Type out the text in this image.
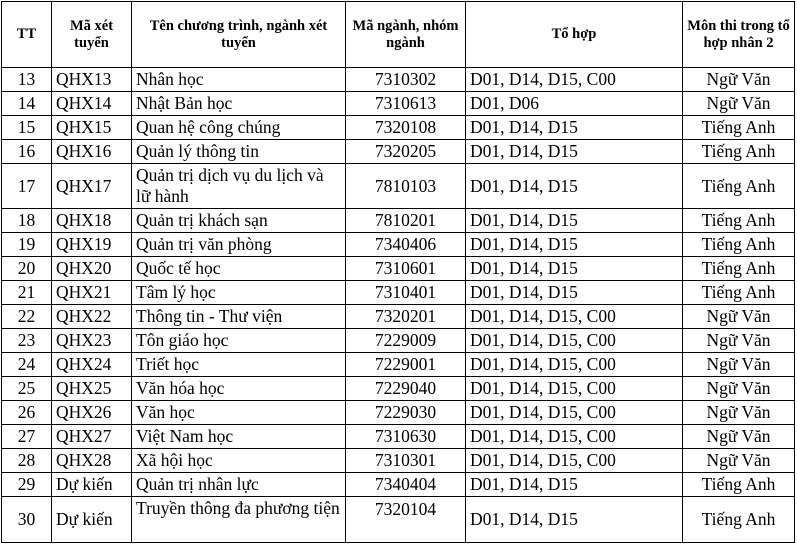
TT	Mã xét tuyển	Tên chương trình, ngành xét tuyển	Mã ngành, nhóm ngành	Tổ hợp	Môn thi trong tổ hợp nhân 2
13	QHX13	Nhân học	7310302	D01, D14, D15, C00	Ngữ Văn
14	QHX14	Nhật Bản học	7310613	D01, D06	Ngữ Văn
15	QHX15	Quan hệ công chúng	7320108	D01, D14, D15	Tiếng Anh
16	QHX16	Quản lý thông tin	7320205	D01, D14, D15	Tiếng Anh
17	QHX17	Quản trị dịch vụ du lịch và lữ hành	7810103	D01, D14, D15	Tiếng Anh
18	QHX18	Quản trị khách sạn	7810201	D01, D14, D15	Tiếng Anh
19	QHX19	Quản trị văn phòng	7340406	D01, D14, D15	Tiếng Anh
20	QHX20	Quốc tế học	7310601	D01, D14, D15	Tiếng Anh
21	QHX21	Tâm lý học	7310401	D01, D14, D15	Tiếng Anh
22	QHX22	Thông tin - Thư viện	7320201	D01, D14, D15, C00	Ngữ Văn
23	QHX23	Tôn giáo học	7229009	D01, D14, D15, C00	Ngữ Văn
24	QHX24	Triết học	7229001	D01, D14, D15, C00	Ngữ Văn
25	QHX25	Văn hóa học	7229040	D01, D14, D15, C00	Ngữ Văn
26	QHX26	Văn học	7229030	D01, D14, D15, C00	Ngữ Văn
27	QHX27	Việt Nam học	7310630	D01, D14, D15, C00	Ngữ Văn
28	QHX28	Xã hội học	7310301	D01, D14, D15, C00	Ngữ Văn
29	Dự kiến	Quản trị nhân lực	7340404	D01, D14, D15	Tiếng Anh
30	Dự kiến	Truyền thông đa phương tiện	7320104	D01, D14, D15	Tiếng Anh
